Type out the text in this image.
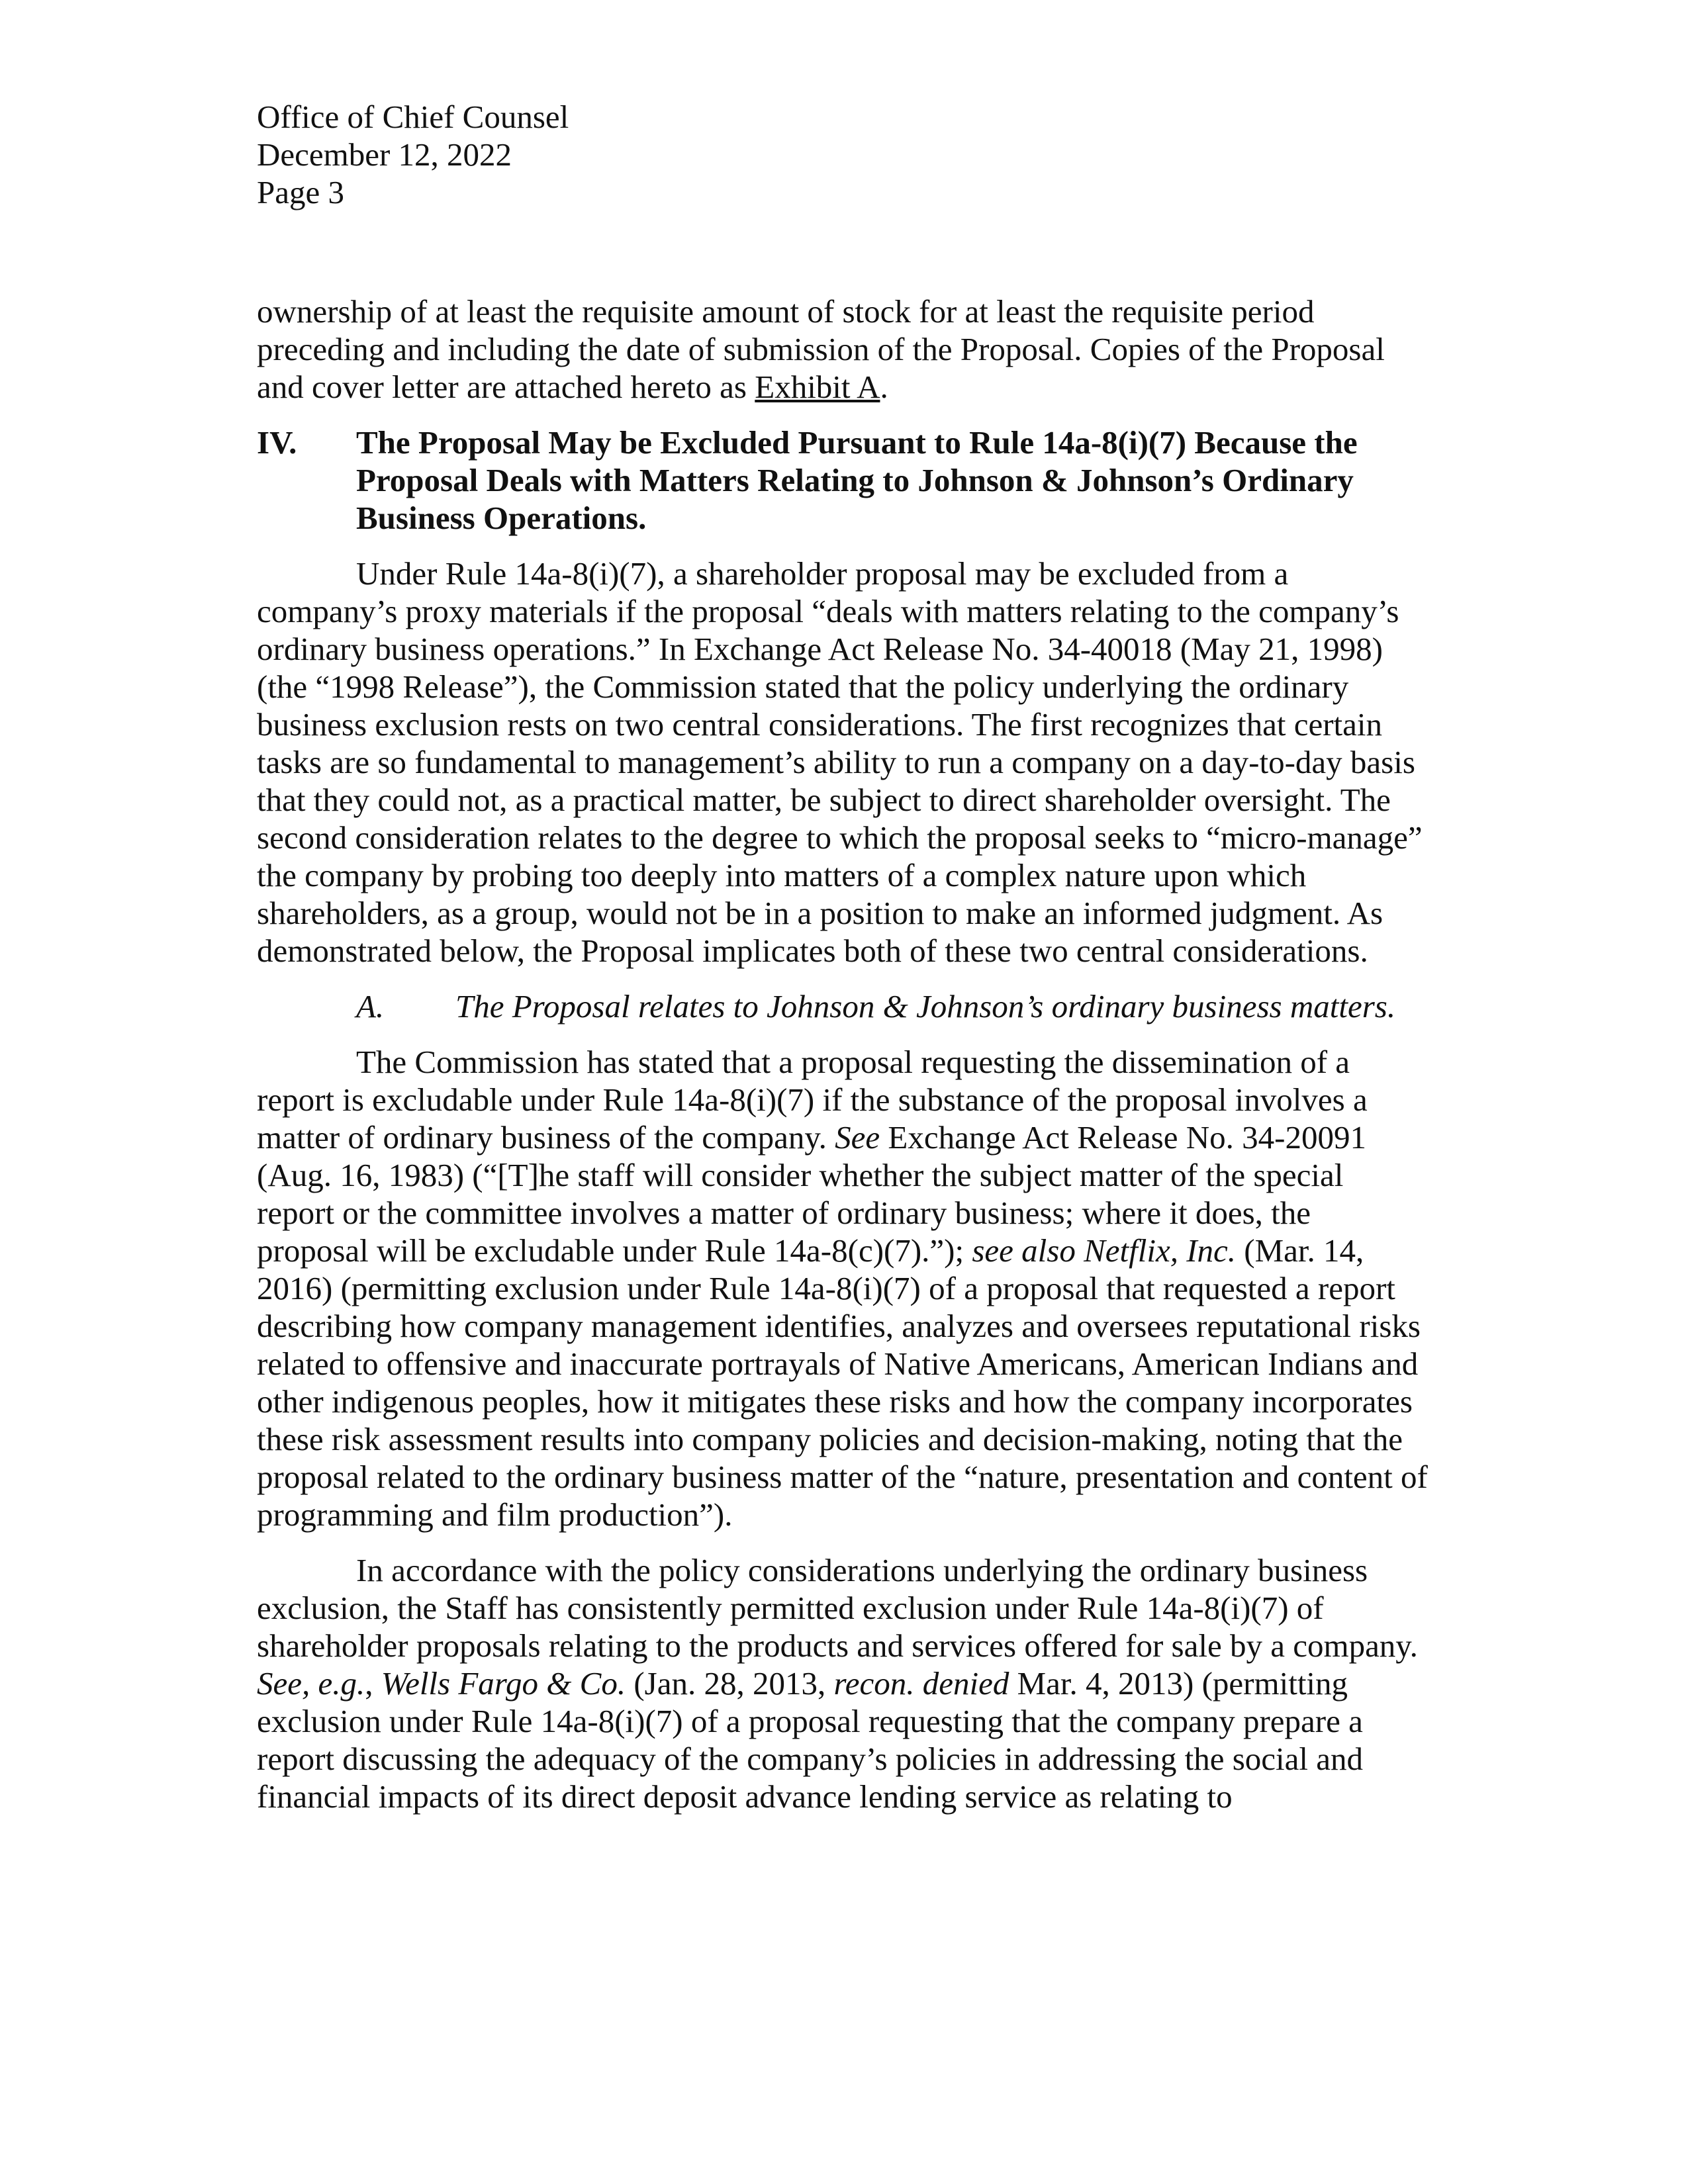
Office of Chief Counsel
December 12, 2022
Page 3

ownership of at least the requisite amount of stock for at least the requisite period preceding and including the date of submission of the Proposal. Copies of the Proposal and cover letter are attached hereto as Exhibit A.

IV.	The Proposal May be Excluded Pursuant to Rule 14a-8(i)(7) Because the Proposal Deals with Matters Relating to Johnson & Johnson’s Ordinary Business Operations.

Under Rule 14a-8(i)(7), a shareholder proposal may be excluded from a company’s proxy materials if the proposal “deals with matters relating to the company’s ordinary business operations.” In Exchange Act Release No. 34-40018 (May 21, 1998) (the “1998 Release”), the Commission stated that the policy underlying the ordinary business exclusion rests on two central considerations. The first recognizes that certain tasks are so fundamental to management’s ability to run a company on a day-to-day basis that they could not, as a practical matter, be subject to direct shareholder oversight. The second consideration relates to the degree to which the proposal seeks to “micro-manage” the company by probing too deeply into matters of a complex nature upon which shareholders, as a group, would not be in a position to make an informed judgment. As demonstrated below, the Proposal implicates both of these two central considerations.

A.	The Proposal relates to Johnson & Johnson’s ordinary business matters.

The Commission has stated that a proposal requesting the dissemination of a report is excludable under Rule 14a-8(i)(7) if the substance of the proposal involves a matter of ordinary business of the company. See Exchange Act Release No. 34-20091 (Aug. 16, 1983) (“[T]he staff will consider whether the subject matter of the special report or the committee involves a matter of ordinary business; where it does, the proposal will be excludable under Rule 14a-8(c)(7).”); see also Netflix, Inc. (Mar. 14, 2016) (permitting exclusion under Rule 14a-8(i)(7) of a proposal that requested a report describing how company management identifies, analyzes and oversees reputational risks related to offensive and inaccurate portrayals of Native Americans, American Indians and other indigenous peoples, how it mitigates these risks and how the company incorporates these risk assessment results into company policies and decision-making, noting that the proposal related to the ordinary business matter of the “nature, presentation and content of programming and film production”).

In accordance with the policy considerations underlying the ordinary business exclusion, the Staff has consistently permitted exclusion under Rule 14a-8(i)(7) of shareholder proposals relating to the products and services offered for sale by a company. See, e.g., Wells Fargo & Co. (Jan. 28, 2013, recon. denied Mar. 4, 2013) (permitting exclusion under Rule 14a-8(i)(7) of a proposal requesting that the company prepare a report discussing the adequacy of the company’s policies in addressing the social and financial impacts of its direct deposit advance lending service as relating to
